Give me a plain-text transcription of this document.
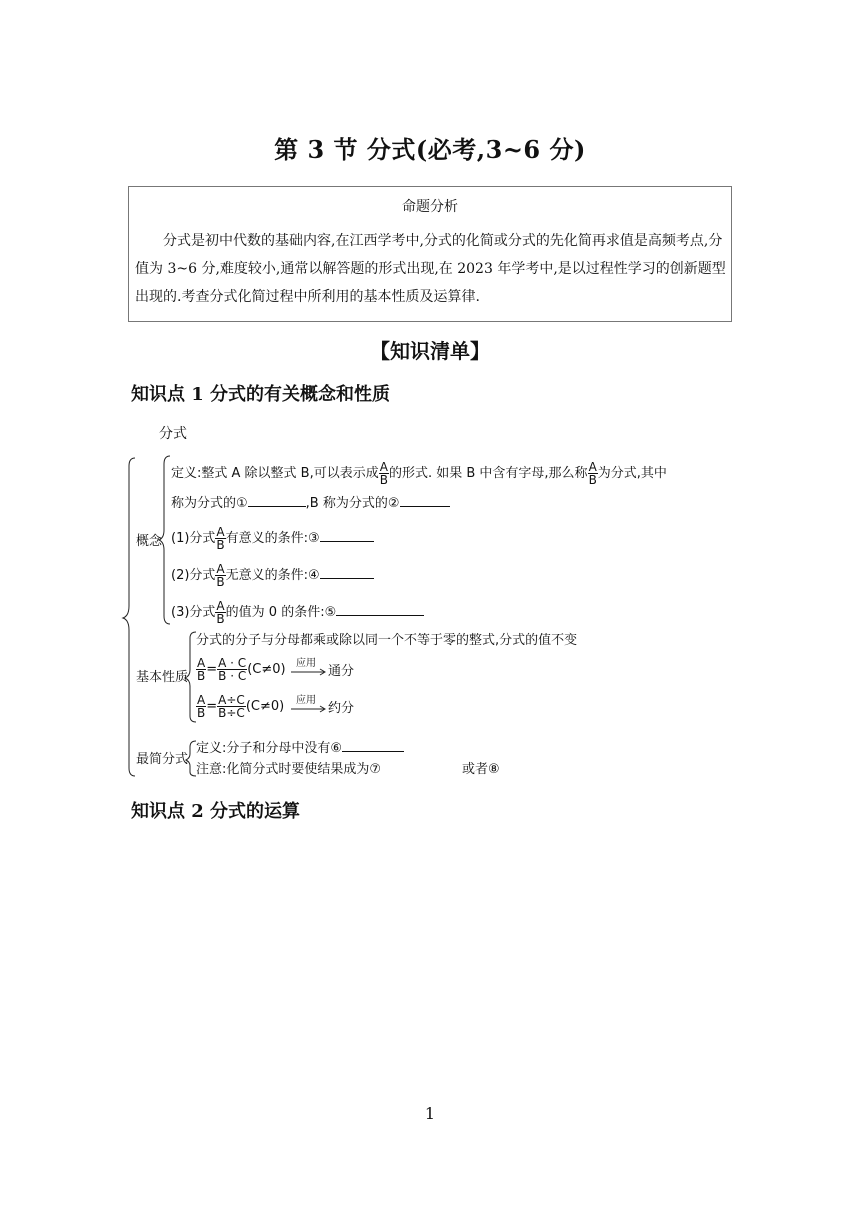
第 3 节 分式(必考,3~6 分)
命题分析
分式是初中代数的基础内容,在江西学考中,分式的化简或分式的先化简再求值是高频考点,分值为 3~6 分,难度较小,通常以解答题的形式出现,在 2023 年学考中,是以过程性学习的创新题型出现的.考查分式化简过程中所利用的基本性质及运算律.
【知识清单】
知识点 1 分式的有关概念和性质
分式
概念
定义:整式 A 除以整式 B,可以表示成 $\frac{A}{B}$ 的形式. 如果 B 中含有字母,那么称 $\frac{A}{B}$ 为分式,其中
称为分式的①	,B 称为分式的②
(1)分式 $\frac{A}{B}$ 有意义的条件:③
(2)分式 $\frac{A}{B}$ 无意义的条件:④
(3)分式 $\frac{A}{B}$ 的值为 0 的条件:⑤
基本性质
分式的分子与分母都乘或除以同一个不等于零的整式,分式的值不变
$\frac{A}{B} = \frac{A \cdot C}{B \cdot C} (C\ne 0)$ 应用
通分
$\frac{A}{B} = \frac{A\div C}{B\div C} (C\ne 0)$ 应用
约分
最简分式
定义:分子和分母中没有⑥
注意:化简分式时要使结果成为⑦	或者⑧
知识点 2 分式的运算
1
